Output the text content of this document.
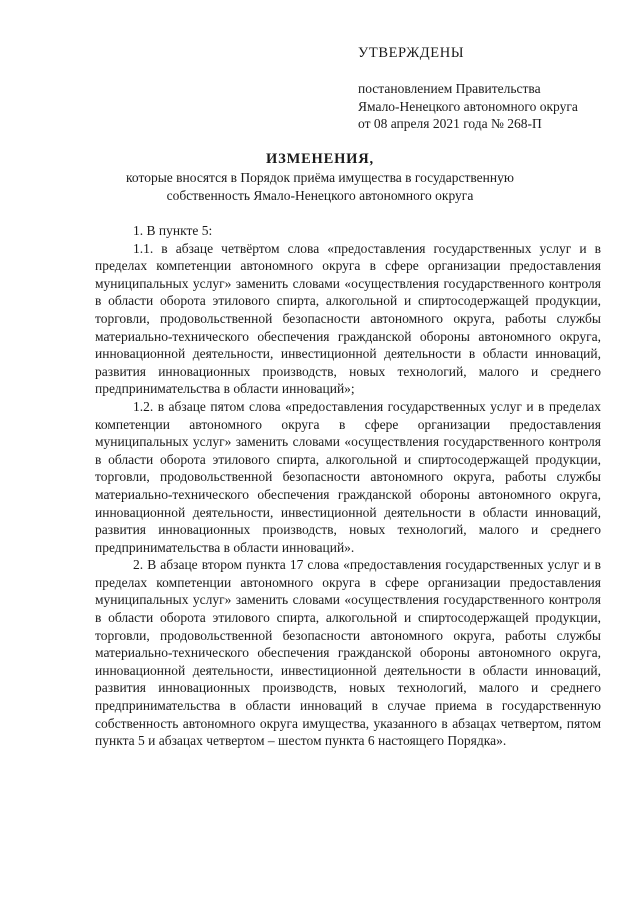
УТВЕРЖДЕНЫ

постановлением Правительства

Ямало-Ненецкого автономного округа

от 08 апреля 2021 года № 268-П

ИЗМЕНЕНИЯ,

которые вносятся в Порядок приёма имущества в государственную собственность Ямало-Ненецкого автономного округа

1. В пункте 5:

1.1. в абзаце четвёртом слова «предоставления государственных услуг и в пределах компетенции автономного округа в сфере организации предоставления муниципальных услуг» заменить словами «осуществления государственного контроля в области оборота этилового спирта, алкогольной и спиртосодержащей продукции, торговли, продовольственной безопасности автономного округа, работы службы материально-технического обеспечения гражданской обороны автономного округа, инновационной деятельности, инвестиционной деятельности в области инноваций, развития инновационных производств, новых технологий, малого и среднего предпринимательства в области инноваций»;

1.2. в абзаце пятом слова «предоставления государственных услуг и в пределах компетенции автономного округа в сфере организации предоставления муниципальных услуг» заменить словами «осуществления государственного контроля в области оборота этилового спирта, алкогольной и спиртосодержащей продукции, торговли, продовольственной безопасности автономного округа, работы службы материально-технического обеспечения гражданской обороны автономного округа, инновационной деятельности, инвестиционной деятельности в области инноваций, развития инновационных производств, новых технологий, малого и среднего предпринимательства в области инноваций».

2. В абзаце втором пункта 17 слова «предоставления государственных услуг и в пределах компетенции автономного округа в сфере организации предоставления муниципальных услуг» заменить словами «осуществления государственного контроля в области оборота этилового спирта, алкогольной и спиртосодержащей продукции, торговли, продовольственной безопасности автономного округа, работы службы материально-технического обеспечения гражданской обороны автономного округа, инновационной деятельности, инвестиционной деятельности в области инноваций, развития инновационных производств, новых технологий, малого и среднего предпринимательства в области инноваций в случае приема в государственную собственность автономного округа имущества, указанного в абзацах четвертом, пятом пункта 5 и абзацах четвертом – шестом пункта 6 настоящего Порядка».
